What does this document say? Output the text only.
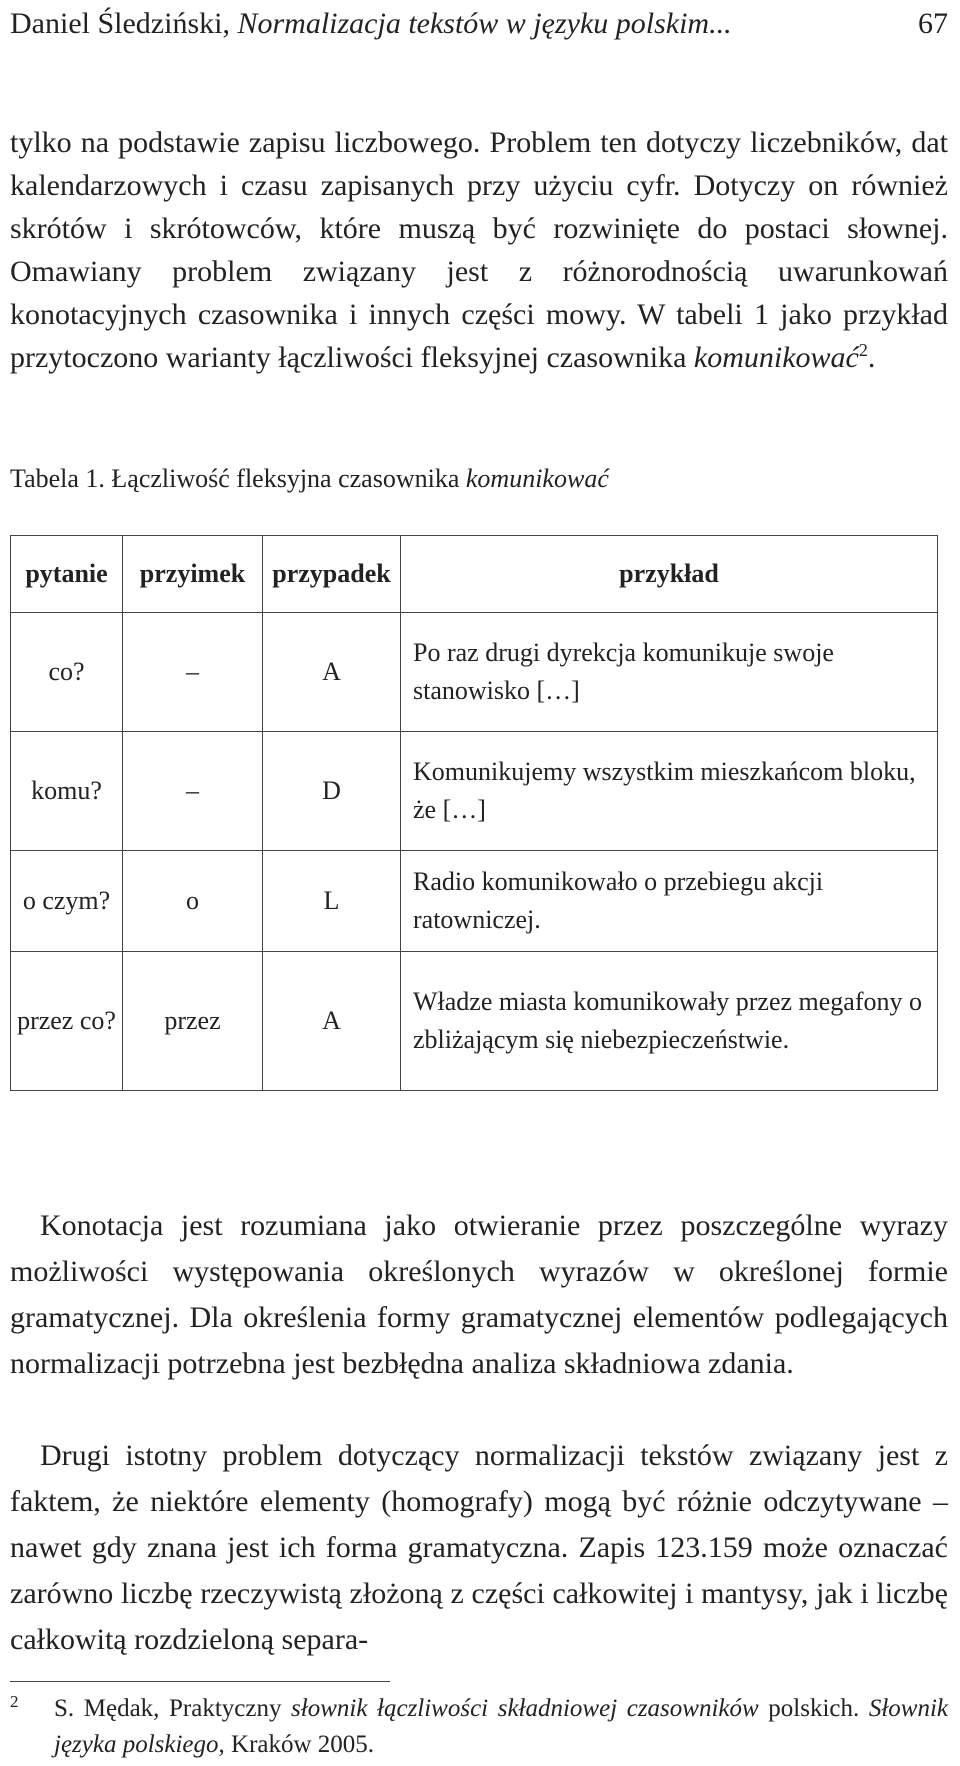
Daniel Śledziński, Normalizacja tekstów w języku polskim...	67
tylko na podstawie zapisu liczbowego. Problem ten dotyczy liczebników, dat kalendarzowych i czasu zapisanych przy użyciu cyfr. Dotyczy on również skrótów i skrótowców, które muszą być rozwinięte do postaci słownej. Omawiany problem związany jest z różnorodnością uwarunkowań konotacyjnych czasownika i innych części mowy. W tabeli 1 jako przykład przytoczono warianty łączliwości fleksyjnej czasownika komunikować$^2$.
Tabela 1. Łączliwość fleksyjna czasownika komunikować
pytanie	przyimek	przypadek	przykład
co?	–	A	Po raz drugi dyrekcja komunikuje swoje stanowisko […]
komu?	–	D	Komunikujemy wszystkim mieszkańcom bloku, że […]
o czym?	o	L	Radio komunikowało o przebiegu akcji ratowniczej.
przez co?	przez	A	Władze miasta komunikowały przez megafony o zbliżającym się niebezpieczeństwie.
Konotacja jest rozumiana jako otwieranie przez poszczególne wyrazy możliwości występowania określonych wyrazów w określonej formie gramatycznej. Dla określenia formy gramatycznej elementów podlegających normalizacji potrzebna jest bezbłędna analiza składniowa zdania.
Drugi istotny problem dotyczący normalizacji tekstów związany jest z faktem, że niektóre elementy (homografy) mogą być różnie odczytywane – nawet gdy znana jest ich forma gramatyczna. Zapis 123.159 może oznaczać zarówno liczbę rzeczywistą złożoną z części całkowitej i mantysy, jak i liczbę całkowitą rozdzieloną separa-
2 S. Mędak, Praktyczny słownik łączliwości składniowej czasowników polskich. Słownik języka polskiego, Kraków 2005.
